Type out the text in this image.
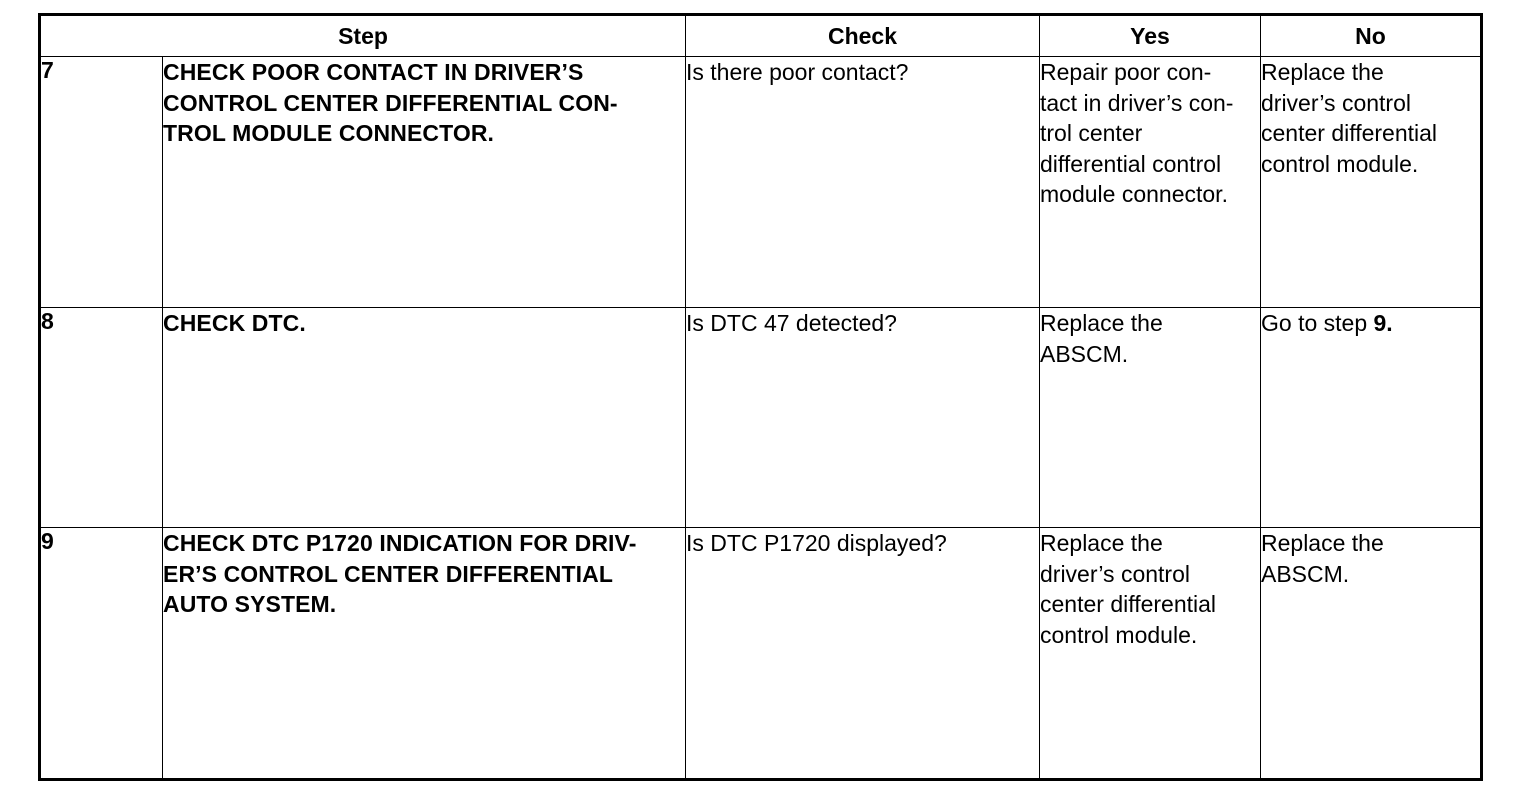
Step		Check	Yes	No
7	CHECK POOR CONTACT IN DRIVER’S
CONTROL CENTER DIFFERENTIAL CON-
TROL MODULE CONNECTOR.	Is there poor contact?	Repair poor con-
tact in driver’s con-
trol center
differential control
module connector.	Replace the
driver’s control
center differential
control module.

8	CHECK DTC.	Is DTC 47 detected?	Replace the
ABSCM.	Go to step 9.

9	CHECK DTC P1720 INDICATION FOR DRIV-
ER’S CONTROL CENTER DIFFERENTIAL
AUTO SYSTEM.	Is DTC P1720 displayed?	Replace the
driver’s control
center differential
control module.	Replace the
ABSCM.
